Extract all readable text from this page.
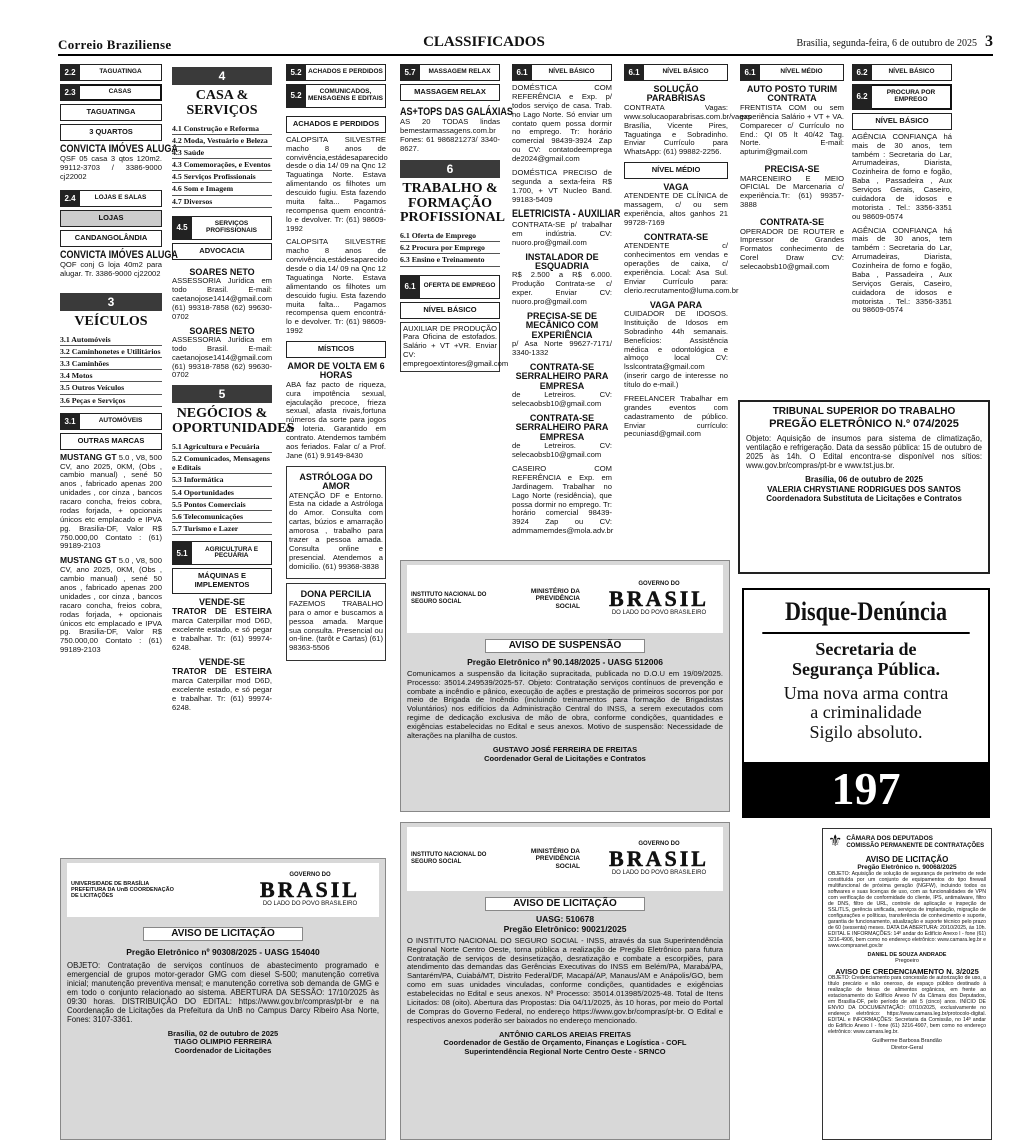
Correio Braziliense	CLASSIFICADOS	Brasília, segunda-feira, 6 de outubro de 2025 3
2.2	TAGUATINGA
2.3	CASAS
TAGUATINGA
3 QUARTOS
CONVICTA IMÓVES ALUGA
QSF 05 casa 3 qtos 120m2. 99112-3703 / 3386-9000 cj22002
2.4	LOJAS E SALAS
LOJAS
CANDANGOLÂNDIA
CONVICTA IMÓVES ALUGA
QOF conj G loja 40m2 para alugar. Tr. 3386-9000 cj22002
3
VEÍCULOS
3.1 Automóveis
3.2 Caminhonetes e Utilitários
3.3 Caminhões
3.4 Motos
3.5 Outros Veículos
3.6 Peças e Serviços
3.1	AUTOMÓVEIS
OUTRAS MARCAS
MUSTANG GT 5.0 , V8, 500 CV, ano 2025, 0KM, (Obs , cambio manual) , sené 50 anos , fabricado apenas 200 unidades , cor cinza , bancos racaro concha, freios cobra, rodas forjada, + opcionais únicos etc emplacado e IPVA pg. Brasilia-DF, Valor R$ 750.000,00 Contato : (61) 99189-2103
MUSTANG GT 5.0 , V8, 500 CV, ano 2025, 0KM, (Obs , cambio manual) , sené 50 anos , fabricado apenas 200 unidades , cor cinza , bancos racaro concha, freios cobra, rodas forjada, + opcionais únicos etc emplacado e IPVA pg. Brasilia-DF, Valor R$ 750.000,00 Contato : (61) 99189-2103
4
CASA & SERVIÇOS
4.1 Construção e Reforma
4.2 Moda, Vestuário e Beleza
4.3 Saúde
4.3 Comemorações, e Eventos
4.5 Serviços Profissionais
4.6 Som e Imagem
4.7 Diversos
4.5	SERVIÇOS PROFISSIONAIS
ADVOCACIA
SOARES NETO
ASSESSORIA Jurídica em todo Brasil. E-mail: caetanojose1414@gmail.com (61) 99318-7858 (62) 99630-0702
SOARES NETO
ASSESSORIA Jurídica em todo Brasil. E-mail: caetanojose1414@gmail.com (61) 99318-7858 (62) 99630-0702
5
NEGÓCIOS & OPORTUNIDADES
5.1 Agricultura e Pecuária
5.2 Comunicados, Mensagens e Editais
5.3 Informática
5.4 Oportunidades
5.5 Pontos Comerciais
5.6 Telecomunicações
5.7 Turismo e Lazer
5.1	AGRICULTURA E PECUÁRIA
MÁQUINAS E IMPLEMENTOS
VENDE-SE
TRATOR DE ESTEIRA marca Caterpillar mod D6D, excelente estado, e só pegar e trabalhar. Tr: (61) 99974-6248.
VENDE-SE
TRATOR DE ESTEIRA marca Caterpillar mod D6D, excelente estado, e só pegar e trabalhar. Tr: (61) 99974-6248.
5.2	ACHADOS E PERDIDOS
5.2	COMUNICADOS, MENSAGENS E EDITAIS
ACHADOS E PERDIDOS
CALOPSITA SILVESTRE macho 8 anos de convivência,estádesaparecido desde o dia 14/ 09 na Qnc 12 Taguatinga Norte. Estava alimentando os filhotes um descuido fugiu. Esta fazendo muita falta... Pagamos recompensa quem encontrá-lo e devolver. Tr: (61) 98609-1992
CALOPSITA SILVESTRE macho 8 anos de convivência,estádesaparecido desde o dia 14/ 09 na Qnc 12 Taguatinga Norte. Estava alimentando os filhotes um descuido fugiu. Esta fazendo muita falta... Pagamos recompensa quem encontrá-lo e devolver. Tr: (61) 98609-1992
MÍSTICOS
AMOR DE VOLTA EM 6 HORAS
ABA faz pacto de riqueza, cura impotência sexual, ejaculação precoce, frieza sexual, afasta rivais,fortuna números da sorte para jogos de loteria. Garantido em contrato. Atendemos também aos feriados. Falar c/ a Prof. Jane (61) 9.9149-8430
ASTRÓLOGA DO AMOR
ATENÇÃO DF e Entorno. Esta na cidade a Astróloga do Amor. Consulta com cartas, búzios e amarração amorosa , trabalho para trazer a pessoa amada. Consulta online e presencial. Atendemos a domicilio. (61) 99368-3838
DONA PERCILIA
FAZEMOS TRABALHO para o amor e buscamos a pessoa amada. Marque sua consulta. Presencial ou on-line. (tarôt e Cartas) (61) 98363-5506
5.7	MASSAGEM RELAX
MASSAGEM RELAX
AS+TOPS DAS GALÁXIAS
AS 20 TODAS lindas bemestarmassagens.com.br Fones: 61 986821273/ 3340-8627.
6
TRABALHO & FORMAÇÃO PROFISSIONAL
6.1 Oferta de Emprego
6.2 Procura por Emprego
6.3 Ensino e Treinamento
6.1	OFERTA DE EMPREGO
NÍVEL BÁSICO
AUXILIAR DE PRODUÇÃO Para Oficina de estofados. Salário + VT +VR. Enviar CV: empregoextintores@gmail.com
6.1	NÍVEL BÁSICO
DOMÉSTICA COM REFERÊNCIA e Exp. p/ todos serviço de casa. Trab. no Lago Norte. Só enviar um contato quem possa dormir no emprego. Tr: horário comercial 98439-3924 Zap ou CV: contatodeemprega de2024@gmail.com
DOMÉSTICA PRECISO de segunda a sexta-feira R$ 1.700, + VT Nucleo Band. 99183-5409
ELETRICISTA - AUXILIAR
CONTRATA-SE p/ trabalhar em indústria. CV: nuoro.pro@gmail.com
INSTALADOR DE ESQUADRIA
R$ 2.500 a R$ 6.000. Produção Contrata-se c/ exper. Enviar CV: nuoro.pro@gmail.com
PRECISA-SE DE MECÂNICO COM EXPERIÊNCIA
p/ Asa Norte 99627-7171/ 3340-1332
CONTRATA-SE SERRALHEIRO PARA EMPRESA
de Letreiros. CV: selecaobsb10@gmail.com
CONTRATA-SE SERRALHEIRO PARA EMPRESA
de Letreiros. CV: selecaobsb10@gmail.com
CASEIRO COM REFERÊNCIA e Exp. em Jardinagem. Trabalhar no Lago Norte (residência), que possa dormir no emprego. Tr: horário comercial 98439-3924 Zap ou CV: admmamemdes@mola.adv.br
6.1	NÍVEL BÁSICO
SOLUÇÃO PARABRISAS
CONTRATA Vagas: www.solucaoparabrisas.com.br/vagas Brasília, Vicente Pires, Taguatinga e Sobradinho. Enviar Currículo para WhatsApp: (61) 99882-2256.
NÍVEL MÉDIO
VAGA
ATENDENTE DE CLÍNICA de massagem, c/ ou sem experiência, altos ganhos 21 99728-7169
CONTRATA-SE
ATENDENTE c/ conhecimentos em vendas e operações de caixa, c/ experiência. Local: Asa Sul. Enviar Currículo para: clerio.recrutamento@luma.com.br
VAGA PARA
CUIDADOR DE IDOSOS. Instituição de Idosos em Sobradinho 44h semanais. Benefícios: Assistência médica e odontológica e almoço local CV: lsslcontrata@gmail.com (inserir cargo de interesse no título do e-mail.)
FREELANCER Trabalhar em grandes eventos com cadastramento de público. Enviar currículo: pecuniasd@gmail.com
6.1	NÍVEL MÉDIO
AUTO POSTO TURIM CONTRATA
FRENTISTA COM ou sem experiência Salário + VT + VA. Comparecer c/ Currículo no End.: QI 05 lt 40/42 Tag. Norte. E-mail: apturim@gmail.com
PRECISA-SE
MARCENEIRO E MEIO OFICIAL De Marcenaria c/ experiência.Tr: (61) 99357-3888
CONTRATA-SE
OPERADOR DE ROUTER e Impressor de Grandes Formatos conhecimento de Corel Draw CV: selecaobsb10@gmail.com
6.2	NÍVEL BÁSICO
6.2	PROCURA POR EMPREGO
NÍVEL BÁSICO
AGÊNCIA CONFIANÇA há mais de 30 anos, tem também : Secretaria do Lar, Arrumadeiras, Diarista, Cozinheira de forno e fogão, Baba , Passadeira , Aux Serviços Gerais, Caseiro, cuidadora de idosos e motorista . Tel.: 3356-3351 ou 98609-0574
AGÊNCIA CONFIANÇA há mais de 30 anos, tem também : Secretaria do Lar, Arrumadeiras, Diarista, Cozinheira de forno e fogão, Baba , Passadeira , Aux Serviços Gerais, Caseiro, cuidadora de idosos e motorista . Tel.: 3356-3351 ou 98609-0574
TRIBUNAL SUPERIOR DO TRABALHO
PREGÃO ELETRÔNICO N.º 074/2025
Objeto: Aquisição de insumos para sistema de climatização, ventilação e refrigeração. Data da sessão pública: 15 de outubro de 2025 às 14h. O Edital encontra-se disponível nos sítios: www.gov.br/compras/pt-br e www.tst.jus.br.
Brasília, 06 de outubro de 2025
VALERIA CHRYSTIANE RODRIGUES DOS SANTOS
Coordenadora Substituta de Licitações e Contratos
Disque-Denúncia
Secretaria de
Segurança Pública.
Uma nova arma contra
a criminalidade
Sigilo absoluto.
197
INSTITUTO NACIONAL DO SEGURO SOCIAL
MINISTÉRIO DA PREVIDÊNCIA SOCIAL
GOVERNO DO
BRASIL
DO LADO DO POVO BRASILEIRO
AVISO DE SUSPENSÃO
Pregão Eletrônico nº 90.148/2025 - UASG 512006
Comunicamos a suspensão da licitação supracitada, publicada no D.O.U em 19/09/2025. Processo: 35014.249539/2025-57. Objeto: Contratação serviços contínuos de prevenção e combate a incêndio e pânico, execução de ações e prestação de primeiros socorros por por meio de Brigada de Incêndio (incluindo treinamentos para formação de Brigadistas Voluntários) nos edifícios da Administração Central do INSS, a serem executados com regime de dedicação exclusiva de mão de obra, conforme condições, quantidades e exigências estabelecidas no Edital e seus anexos. Motivo de suspensão: Necessidade de alterações na planilha de custos.
GUSTAVO JOSÉ FERREIRA DE FREITAS
Coordenador Geral de Licitações e Contratos
UNIVERSIDADE DE BRASÍLIA PREFEITURA DA UnB COORDENAÇÃO DE LICITAÇÕES
GOVERNO DO
BRASIL
DO LADO DO POVO BRASILEIRO
AVISO DE LICITAÇÃO
Pregão Eletrônico nº 90308/2025 - UASG 154040
OBJETO: Contratação de serviços contínuos de abastecimento programado e emergencial de grupos motor-gerador GMG com diesel S-500; manutenção corretiva inicial; manutenção preventiva mensal; e manutenção corretiva sob demanda de GMG e em todo o conjunto relacionado ao sistema. ABERTURA DA SESSÃO: 17/10/2025 às 09:30 horas. DISTRIBUIÇÃO DO EDITAL: https://www.gov.br/compras/pt-br e na Coordenação de Licitações da Prefeitura da UnB no Campus Darcy Ribeiro Asa Norte, Fones: 3107-3361.
Brasília, 02 de outubro de 2025
TIAGO OLIMPIO FERREIRA
Coordenador de Licitações
INSTITUTO NACIONAL DO SEGURO SOCIAL
MINISTÉRIO DA PREVIDÊNCIA SOCIAL
GOVERNO DO
BRASIL
DO LADO DO POVO BRASILEIRO
AVISO DE LICITAÇÃO
UASG: 510678
Pregão Eletrônico: 90021/2025
O INSTITUTO NACIONAL DO SEGURO SOCIAL - INSS, através da sua Superintendência Regional Norte Centro Oeste, torna pública a realização de Pregão Eletrônico para futura Contratação de serviços de desinsetização, desratização e combate a escorpiões, para atendimento das demandas das Gerências Executivas do INSS em Belém/PA, Marabá/PA, Santarém/PA, Cuiabá/MT, Distrito Federal/DF, Macapá/AP, Manaus/AM e Anápolis/GO, bem como em suas unidades vinculadas, conforme condições, quantidades e exigências estabelecidas no Edital e seus anexos. Nº Processo: 35014.013985/2025-48. Total de Itens Licitados: 08 (oito). Abertura das Propostas: Dia 04/11/2025, às 10 horas, por meio do Portal de Compras do Governo Federal, no endereço https://www.gov.br/compras/pt-br. O Edital e respectivos anexos poderão ser baixados no endereço mencionado.
ANTÔNIO CARLOS AREIAS FREITAS
Coordenador de Gestão de Orçamento, Finanças e Logística - COFL
Superintendência Regional Norte Centro Oeste - SRNCO
⚜ CÂMARA DOS DEPUTADOS
COMISSÃO PERMANENTE DE CONTRATAÇÕES
AVISO DE LICITAÇÃO
Pregão Eletrônico n. 90068/2025
OBJETO: Aquisição de solução de segurança de perímetro de rede constituída por um conjunto de equipamentos do tipo firewall multifuncional de próxima geração (NGFW), incluindo todos os softwares e suas licenças de uso, com as funcionalidades de VPN com verificação de conformidade do cliente, IPS, antimalware, filtro de DNS, filtro de URL, controle de aplicação e inspeção de SSL/TLS, gerência unificada, serviços de implantação, migração de configurações e políticas, transferência de conhecimento e suporte, garantia de funcionamento, atualização e suporte técnico pelo prazo de 60 (sessenta) meses. DATA DA ABERTURA: 20/10/2025, às 10h. EDITAL E INFORMAÇÕES: 14º andar do Edifício Anexo I - fone (61) 3216-4906, bem como no endereço eletrônico: www.camara.leg.br e www.comprasnet.gov.br
DANIEL DE SOUZA ANDRADE
Pregoeiro
AVISO DE CREDENCIAMENTO N. 3/2025
OBJETO: Credenciamento para concessão de autorização de uso, a título precário e não oneroso, de espaço público destinado à realização de feiras de alimentos orgânicos, em frente ao estacionamento do Edifício Anexo IV da Câmara dos Deputados, em Brasília-DF, pelo período de até 5 (cinco) anos. INÍCIO DE ENVIO DA DOCUMENTAÇÃO: 07/10/2025, exclusivamente no endereço eletrônico: https://www.camara.leg.br/protocolo-digital. EDITAL e INFORMAÇÕES: Secretaria da Comissão, no 14º andar do Edifício Anexo I - fone (61) 3216-4907, bem como no endereço eletrônico: www.camara.leg.br.
Guilherme Barbosa Brandão
Diretor-Geral
